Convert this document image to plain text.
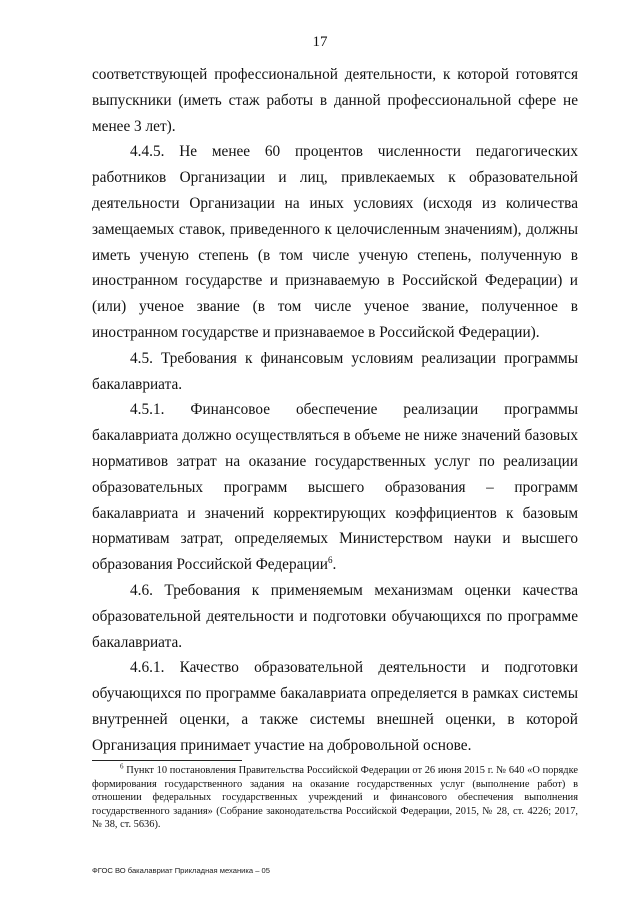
17

соответствующей профессиональной деятельности, к которой готовятся выпускники (иметь стаж работы в данной профессиональной сфере не менее 3 лет).

4.4.5. Не менее 60 процентов численности педагогических работников Организации и лиц, привлекаемых к образовательной деятельности Организации на иных условиях (исходя из количества замещаемых ставок, приведенного к целочисленным значениям), должны иметь ученую степень (в том числе ученую степень, полученную в иностранном государстве и признаваемую в Российской Федерации) и (или) ученое звание (в том числе ученое звание, полученное в иностранном государстве и признаваемое в Российской Федерации).

4.5. Требования к финансовым условиям реализации программы бакалавриата.

4.5.1. Финансовое обеспечение реализации программы бакалавриата должно осуществляться в объеме не ниже значений базовых нормативов затрат на оказание государственных услуг по реализации образовательных программ высшего образования – программ бакалавриата и значений корректирующих коэффициентов к базовым нормативам затрат, определяемых Министерством науки и высшего образования Российской Федерации$^6$.

4.6. Требования к применяемым механизмам оценки качества образовательной деятельности и подготовки обучающихся по программе бакалавриата.

4.6.1. Качество образовательной деятельности и подготовки обучающихся по программе бакалавриата определяется в рамках системы внутренней оценки, а также системы внешней оценки, в которой Организация принимает участие на добровольной основе.

$^6$ Пункт 10 постановления Правительства Российской Федерации от 26 июня 2015 г. № 640 «О порядке формирования государственного задания на оказание государственных услуг (выполнение работ) в отношении федеральных государственных учреждений и финансового обеспечения выполнения государственного задания» (Собрание законодательства Российской Федерации, 2015, № 28, ст. 4226; 2017, № 38, ст. 5636).
ФГОС ВО бакалавриат Прикладная механика – 05
